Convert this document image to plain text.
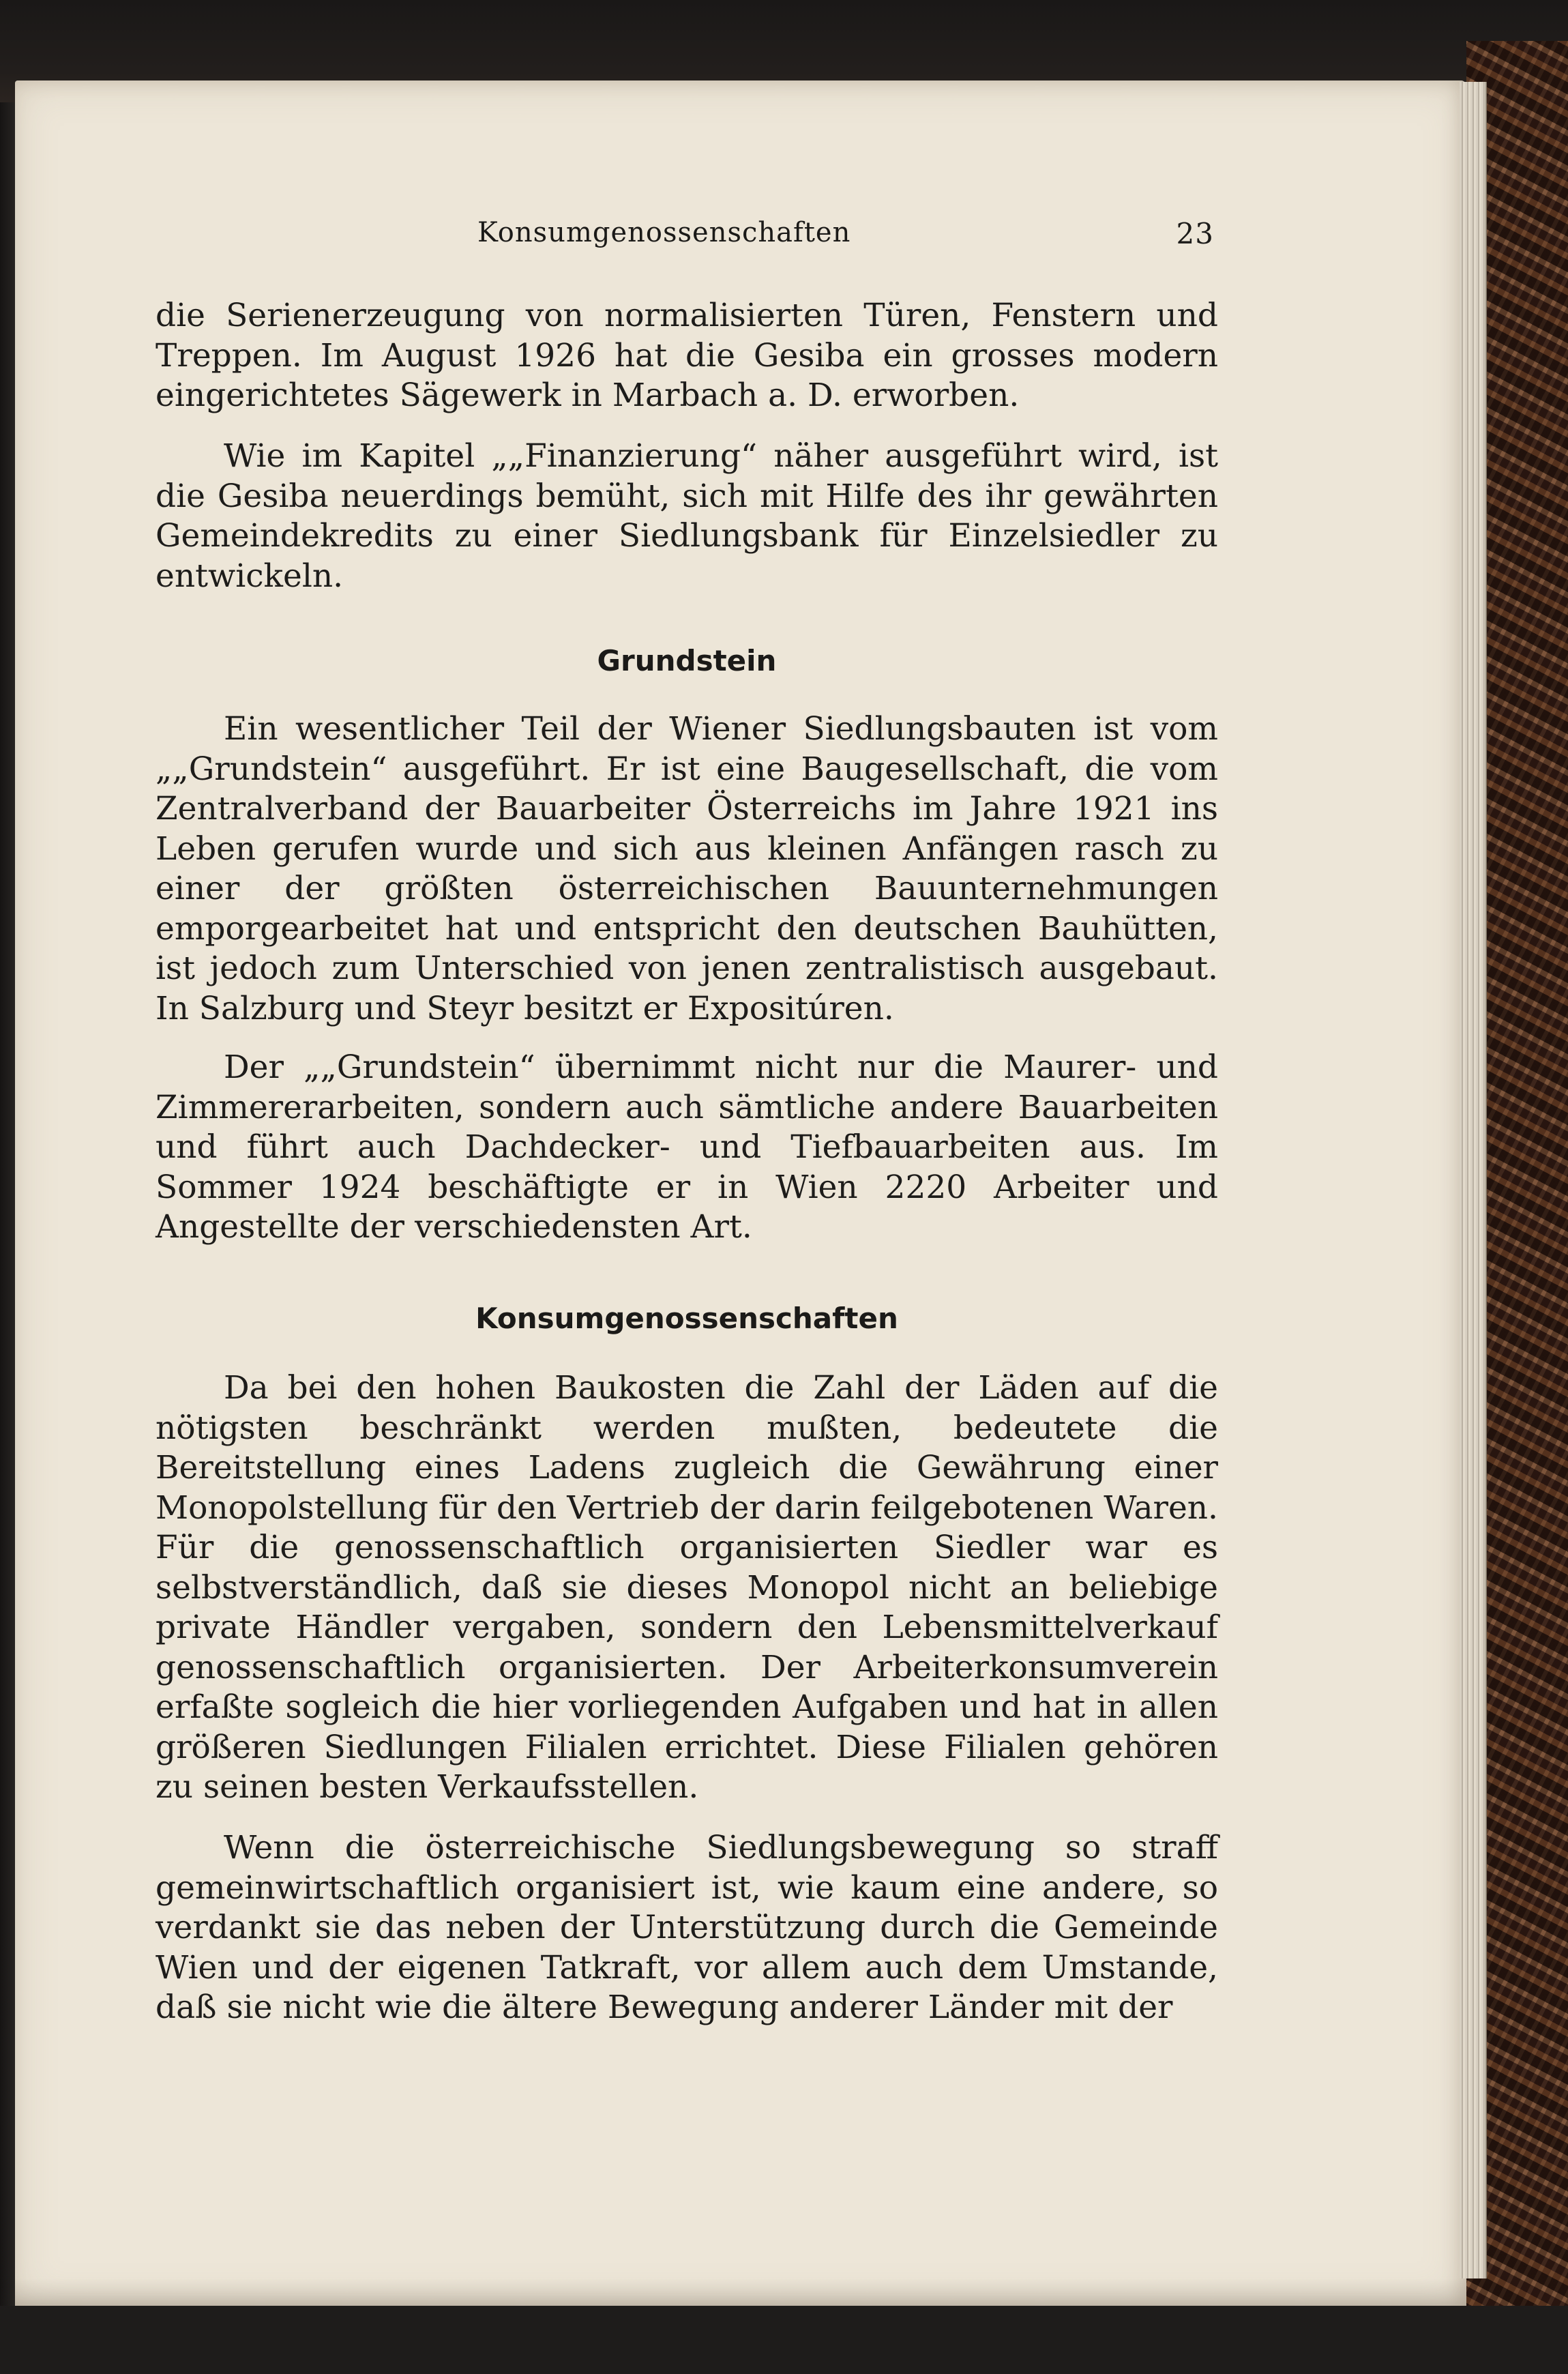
Konsumgenossenschaften	23

die Serienerzeugung von normalisierten Türen, Fenstern und Treppen. Im August 1926 hat die Gesiba ein grosses modern eingerichtetes Sägewerk in Marbach a. D. erworben.

Wie im Kapitel „„Finanzierung“ näher ausgeführt wird, ist die Gesiba neuerdings bemüht, sich mit Hilfe des ihr gewährten Gemeindekredits zu einer Siedlungsbank für Einzelsiedler zu entwickeln.

Grundstein

Ein wesentlicher Teil der Wiener Siedlungsbauten ist vom „„Grundstein“ ausgeführt. Er ist eine Baugesellschaft, die vom Zentralverband der Bauarbeiter Österreichs im Jahre 1921 ins Leben gerufen wurde und sich aus kleinen Anfängen rasch zu einer der größten österreichischen Bauunternehmungen emporgearbeitet hat und entspricht den deutschen Bauhütten, ist jedoch zum Unterschied von jenen zentralistisch ausgebaut. In Salzburg und Steyr besitzt er Expositúren.

Der „„Grundstein“ übernimmt nicht nur die Maurer- und Zimmererarbeiten, sondern auch sämtliche andere Bauarbeiten und führt auch Dachdecker- und Tiefbauarbeiten aus. Im Sommer 1924 beschäftigte er in Wien 2220 Arbeiter und Angestellte der verschiedensten Art.

Konsumgenossenschaften

Da bei den hohen Baukosten die Zahl der Läden auf die nötigsten beschränkt werden mußten, bedeutete die Bereitstellung eines Ladens zugleich die Gewährung einer Monopolstellung für den Vertrieb der darin feilgebotenen Waren. Für die genossenschaftlich organisierten Siedler war es selbstverständlich, daß sie dieses Monopol nicht an beliebige private Händler vergaben, sondern den Lebensmittelverkauf genossenschaftlich organisierten. Der Arbeiterkonsumverein erfaßte sogleich die hier vorliegenden Aufgaben und hat in allen größeren Siedlungen Filialen errichtet. Diese Filialen gehören zu seinen besten Verkaufsstellen.

Wenn die österreichische Siedlungsbewegung so straff gemeinwirtschaftlich organisiert ist, wie kaum eine andere, so verdankt sie das neben der Unterstützung durch die Gemeinde Wien und der eigenen Tatkraft, vor allem auch dem Umstande, daß sie nicht wie die ältere Bewegung anderer Länder mit der
